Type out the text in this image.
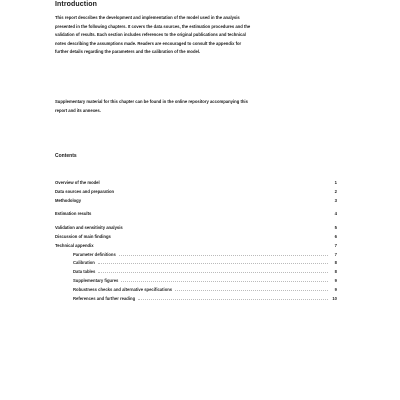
Introduction
This report describes the development and implementation of the model used in the analysis
presented in the following chapters. It covers the data sources, the estimation procedures and the
validation of results. Each section includes references to the original publications and technical
notes describing the assumptions made. Readers are encouraged to consult the appendix for
further details regarding the parameters and the calibration of the model.
Supplementary material for this chapter can be found in the online repository accompanying this
report and its annexes.
Contents
Overview of the model	1
Data sources and preparation	2
Methodology	3
Estimation results	4
Validation and sensitivity analysis	5
Discussion of main findings	6
Technical appendix	7
Parameter definitions	7
Calibration	8
Data tables	8
Supplementary figures	9
Robustness checks and alternative specifications	9
References and further reading	10
